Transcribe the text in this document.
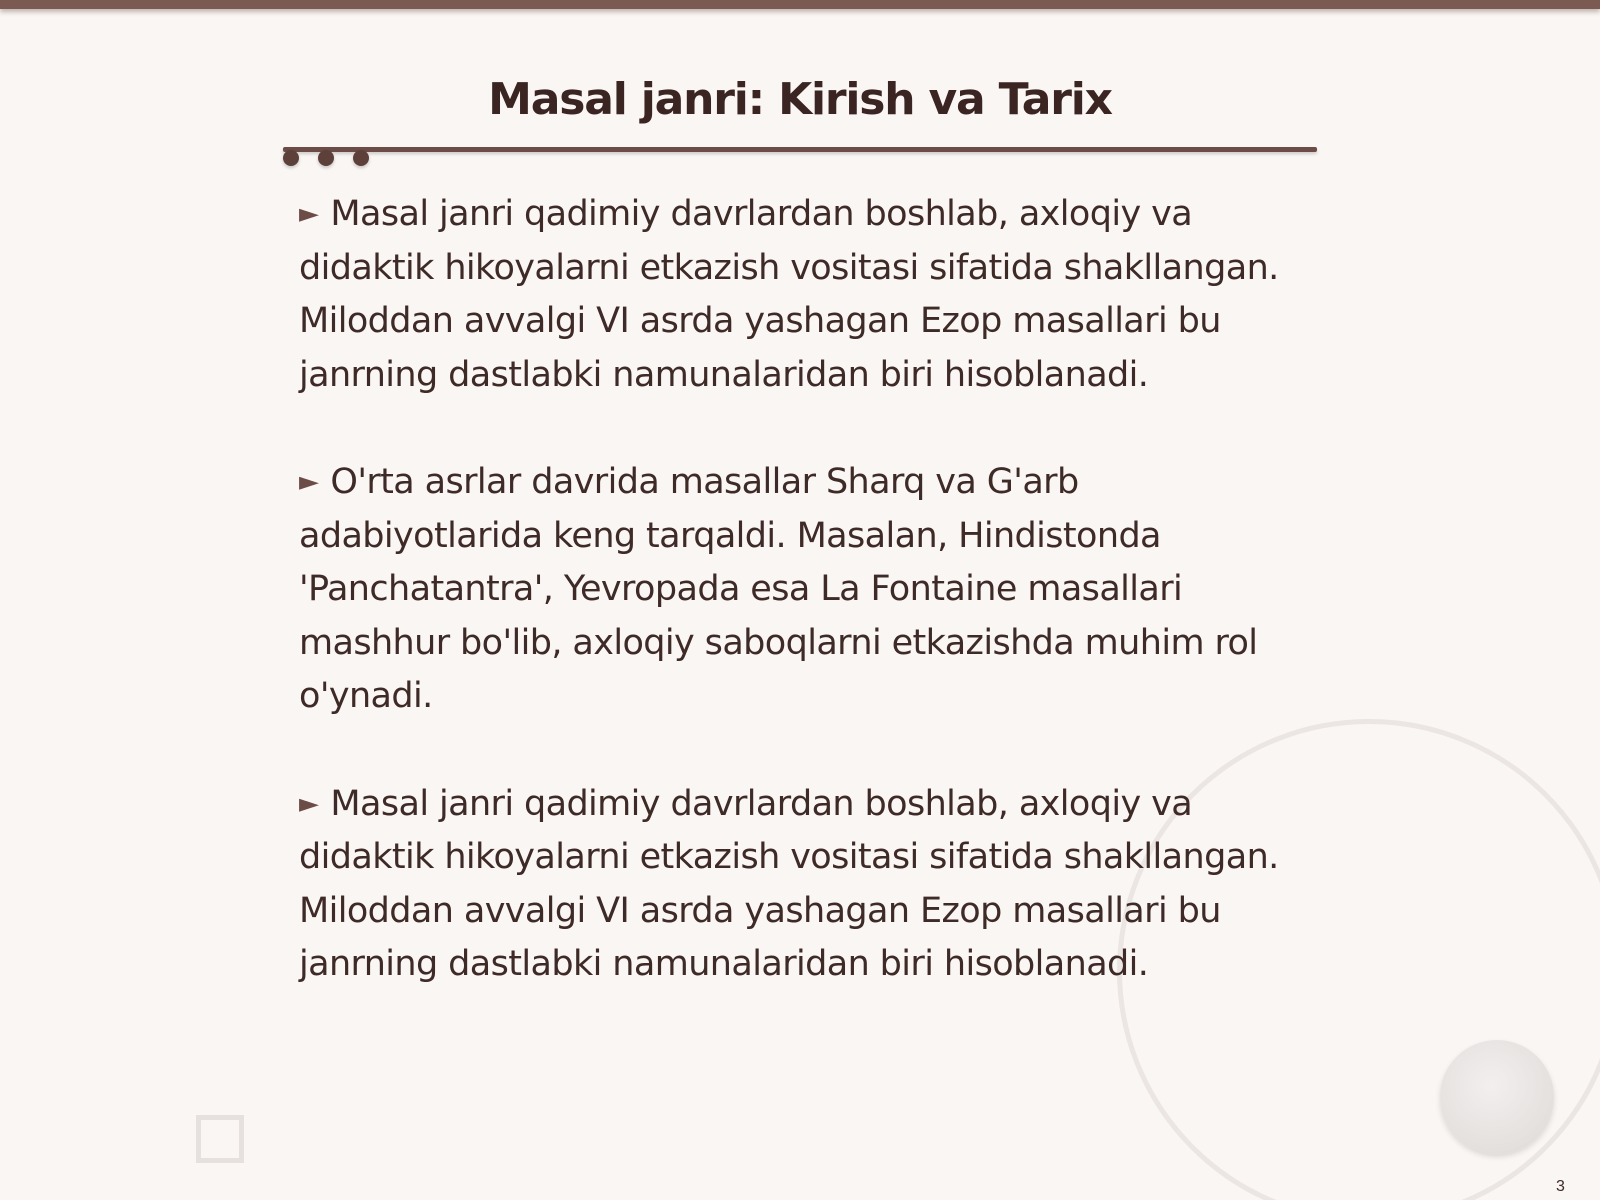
Masal janri: Kirish va Tarix

► Masal janri qadimiy davrlardan boshlab, axloqiy va didaktik hikoyalarni etkazish vositasi sifatida shakllangan. Miloddan avvalgi VI asrda yashagan Ezop masallari bu janrning dastlabki namunalaridan biri hisoblanadi.

► O'rta asrlar davrida masallar Sharq va G'arb adabiyotlarida keng tarqaldi. Masalan, Hindistonda 'Panchatantra', Yevropada esa La Fontaine masallari mashhur bo'lib, axloqiy saboqlarni etkazishda muhim rol o'ynadi.

► Masal janri qadimiy davrlardan boshlab, axloqiy va didaktik hikoyalarni etkazish vositasi sifatida shakllangan. Miloddan avvalgi VI asrda yashagan Ezop masallari bu janrning dastlabki namunalaridan biri hisoblanadi.

3
